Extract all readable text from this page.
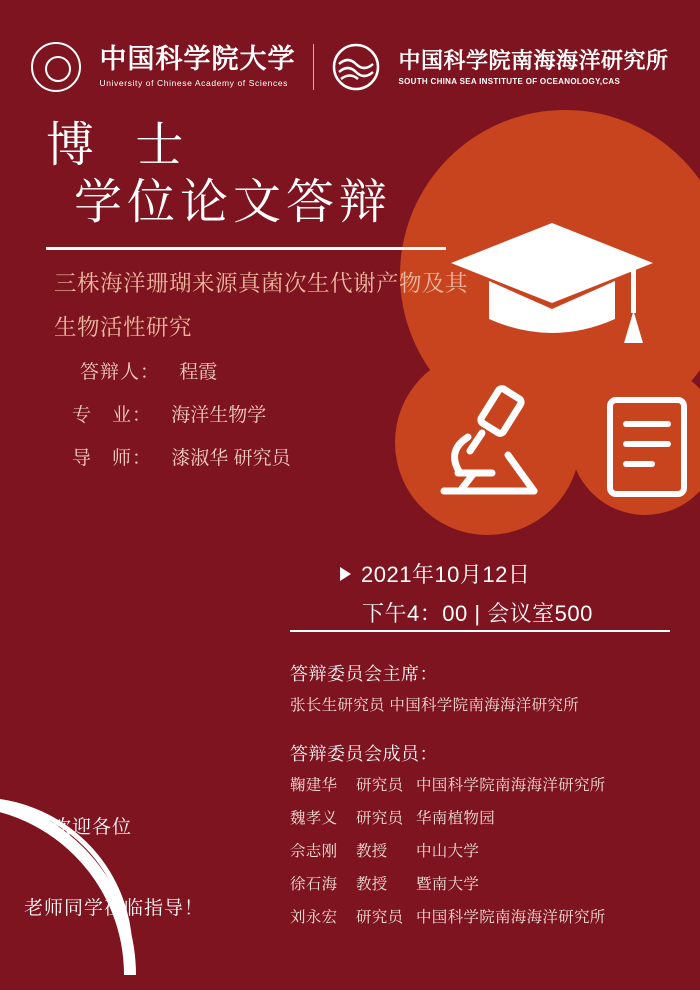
中国科学院大学
University of Chinese Academy of Sciences
中国科学院南海海洋研究所
SOUTH CHINA SEA INSTITUTE OF OCEANOLOGY,CAS
博 士
学位论文答辩
三株海洋珊瑚来源真菌次生代谢产物及其生物活性研究
答辩人： 程霞
专　业： 海洋生物学
导　师： 漆淑华 研究员
2021年10月12日
下午4：00 | 会议室500
答辩委员会主席：
张长生研究员 中国科学院南海海洋研究所
答辩委员会成员：
鞠建华 研究员 中国科学院南海海洋研究所
魏孝义 研究员 华南植物园
佘志刚 教授 中山大学
徐石海 教授 暨南大学
刘永宏 研究员 中国科学院南海海洋研究所
欢迎各位
老师同学莅临指导！
